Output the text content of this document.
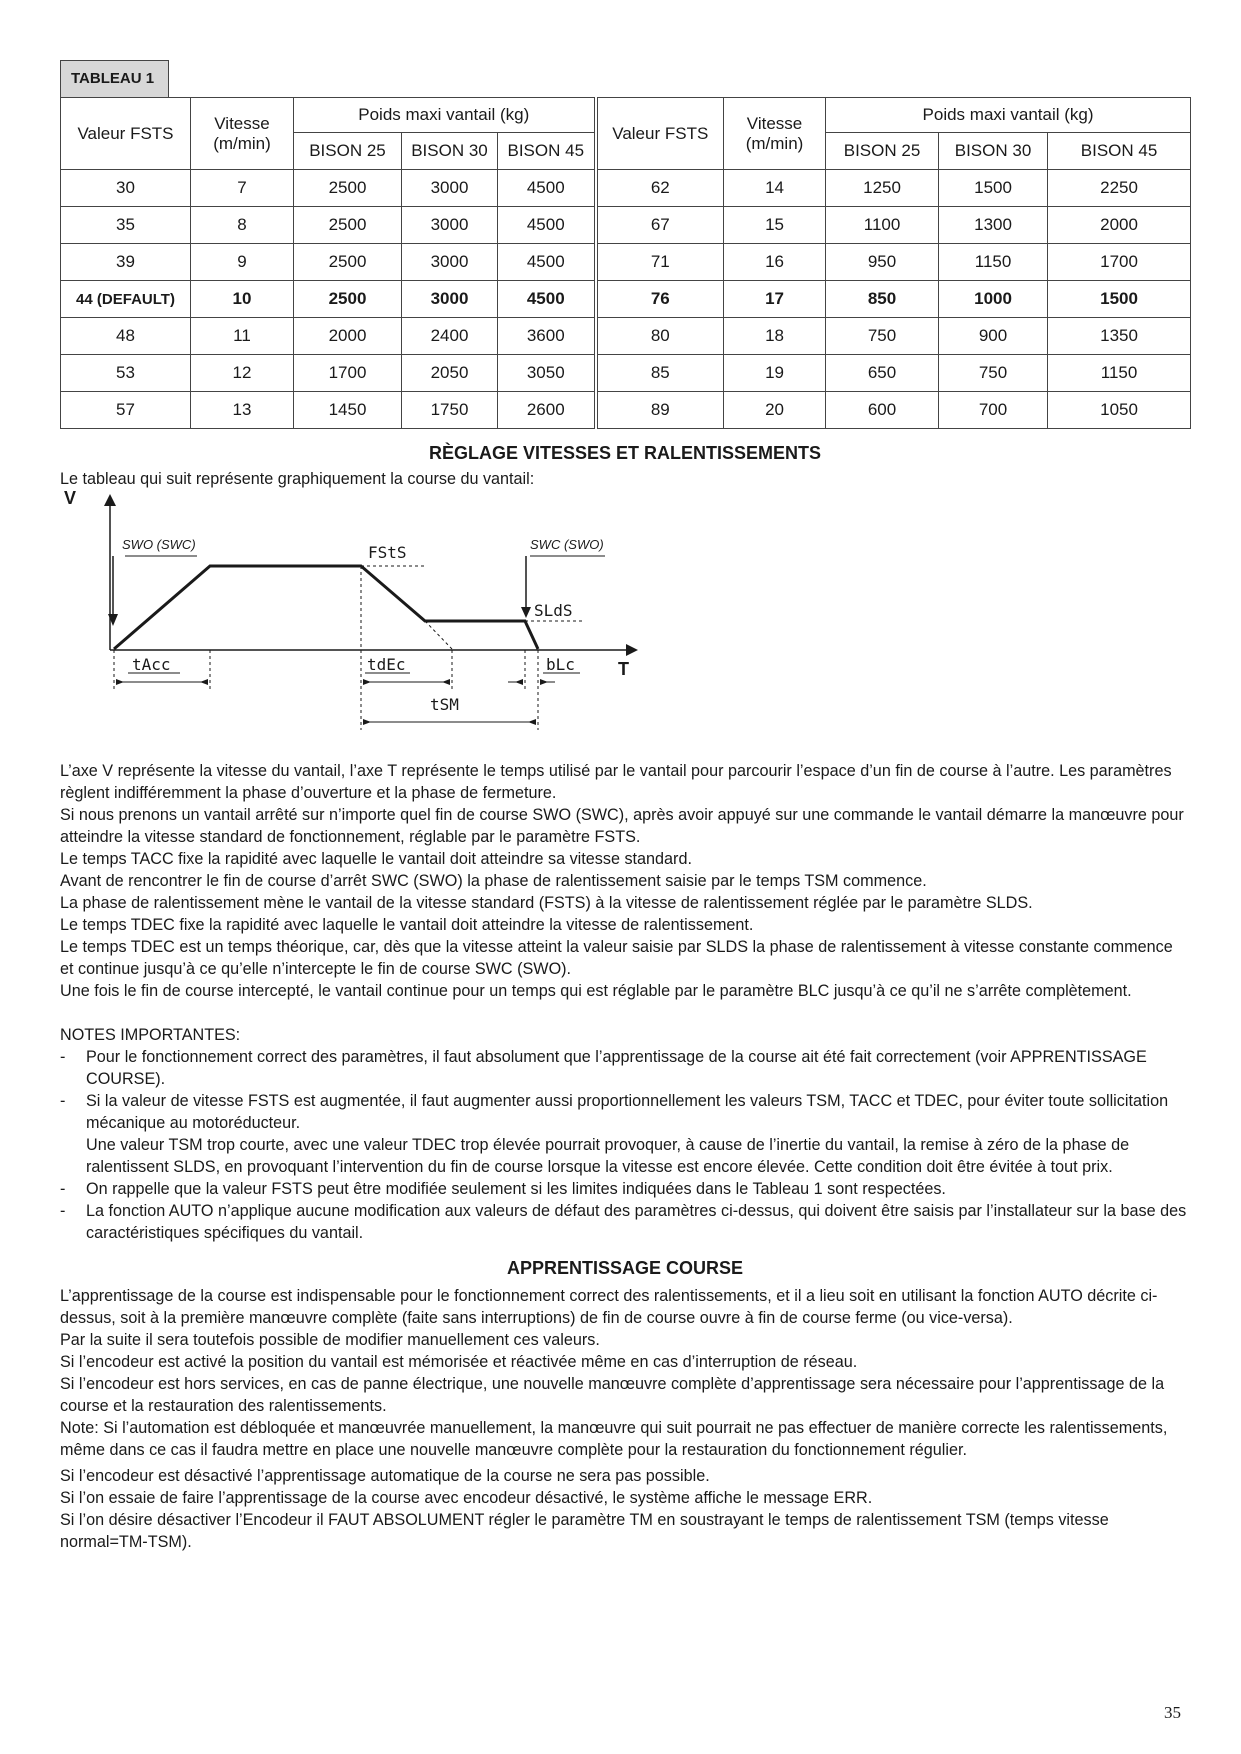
TABLEAU 1
Valeur FSTS	Vitesse (m/min)	Poids maxi vantail (kg)			Valeur FSTS	Vitesse (m/min)	Poids maxi vantail (kg)		
		BISON 25	BISON 30	BISON 45			BISON 25	BISON 30	BISON 45
30	7	2500	3000	4500	62	14	1250	1500	2250
35	8	2500	3000	4500	67	15	1100	1300	2000
39	9	2500	3000	4500	71	16	950	1150	1700
44 (DEFAULT)	10	2500	3000	4500	76	17	850	1000	1500
48	11	2000	2400	3600	80	18	750	900	1350
53	12	1700	2050	3050	85	19	650	750	1150
57	13	1450	1750	2600	89	20	600	700	1050
RÈGLAGE VITESSES ET RALENTISSEMENTS

Le tableau qui suit représente graphiquement la course du vantail:

V
T
SWO (SWC)	SWC (SWO)
FStS
SLdS
tAcc	tdEc	bLc
tSM

L’axe V représente la vitesse du vantail, l’axe T représente le temps utilisé par le vantail pour parcourir l’espace d’un fin de course à l’autre. Les paramètres règlent indifféremment la phase d’ouverture et la phase de fermeture.

Si nous prenons un vantail arrêté sur n’importe quel fin de course SWO (SWC), après avoir appuyé sur une commande le vantail démarre la manœuvre pour atteindre la vitesse standard de fonctionnement, réglable par le paramètre FSTS.

Le temps TACC fixe la rapidité avec laquelle le vantail doit atteindre sa vitesse standard.

Avant de rencontrer le fin de course d’arrêt SWC (SWO) la phase de ralentissement saisie par le temps TSM commence.

La phase de ralentissement mène le vantail de la vitesse standard (FSTS) à la vitesse de ralentissement réglée par le paramètre SLDS.

Le temps TDEC fixe la rapidité avec laquelle le vantail doit atteindre la vitesse de ralentissement.

Le temps TDEC est un temps théorique, car, dès que la vitesse atteint la valeur saisie par SLDS la phase de ralentissement à vitesse constante commence et continue jusqu’à ce qu’elle n’intercepte le fin de course SWC (SWO).

Une fois le fin de course intercepté, le vantail continue pour un temps qui est réglable par le paramètre BLC jusqu’à ce qu’il ne s’arrête complètement.

NOTES IMPORTANTES:

- Pour le fonctionnement correct des paramètres, il faut absolument que l’apprentissage de la course ait été fait correctement (voir APPRENTISSAGE COURSE).
- Si la valeur de vitesse FSTS est augmentée, il faut augmenter aussi proportionnellement les valeurs TSM, TACC et TDEC, pour éviter toute sollicitation mécanique au motoréducteur.
Une valeur TSM trop courte, avec une valeur TDEC trop élevée pourrait provoquer, à cause de l’inertie du vantail, la remise à zéro de la phase de ralentissent SLDS, en provoquant l’intervention du fin de course lorsque la vitesse est encore élevée. Cette condition doit être évitée à tout prix.
- On rappelle que la valeur FSTS peut être modifiée seulement si les limites indiquées dans le Tableau 1 sont respectées.
- La fonction AUTO n’applique aucune modification aux valeurs de défaut des paramètres ci-dessus, qui doivent être saisis par l’installateur sur la base des caractéristiques spécifiques du vantail.
APPRENTISSAGE COURSE

L’apprentissage de la course est indispensable pour le fonctionnement correct des ralentissements, et il a lieu soit en utilisant la fonction AUTO décrite ci-dessus, soit à la première manœuvre complète (faite sans interruptions) de fin de course ouvre à fin de course ferme (ou vice-versa).

Par la suite il sera toutefois possible de modifier manuellement ces valeurs.

Si l’encodeur est activé la position du vantail est mémorisée et réactivée même en cas d’interruption de réseau.

Si l’encodeur est hors services, en cas de panne électrique, une nouvelle manœuvre complète d’apprentissage sera nécessaire pour l’apprentissage de la course et la restauration des ralentissements.

Note: Si l’automation est débloquée et manœuvrée manuellement, la manœuvre qui suit pourrait ne pas effectuer de manière correcte les ralentissements, même dans ce cas il faudra mettre en place une nouvelle manœuvre complète pour la restauration du fonctionnement régulier.

Si l’encodeur est désactivé l’apprentissage automatique de la course ne sera pas possible.

Si l’on essaie de faire l’apprentissage de la course avec encodeur désactivé, le système affiche le message ERR.

Si l’on désire désactiver l’Encodeur il FAUT ABSOLUMENT régler le paramètre TM en soustrayant le temps de ralentissement TSM (temps vitesse normal=TM-TSM).

35
